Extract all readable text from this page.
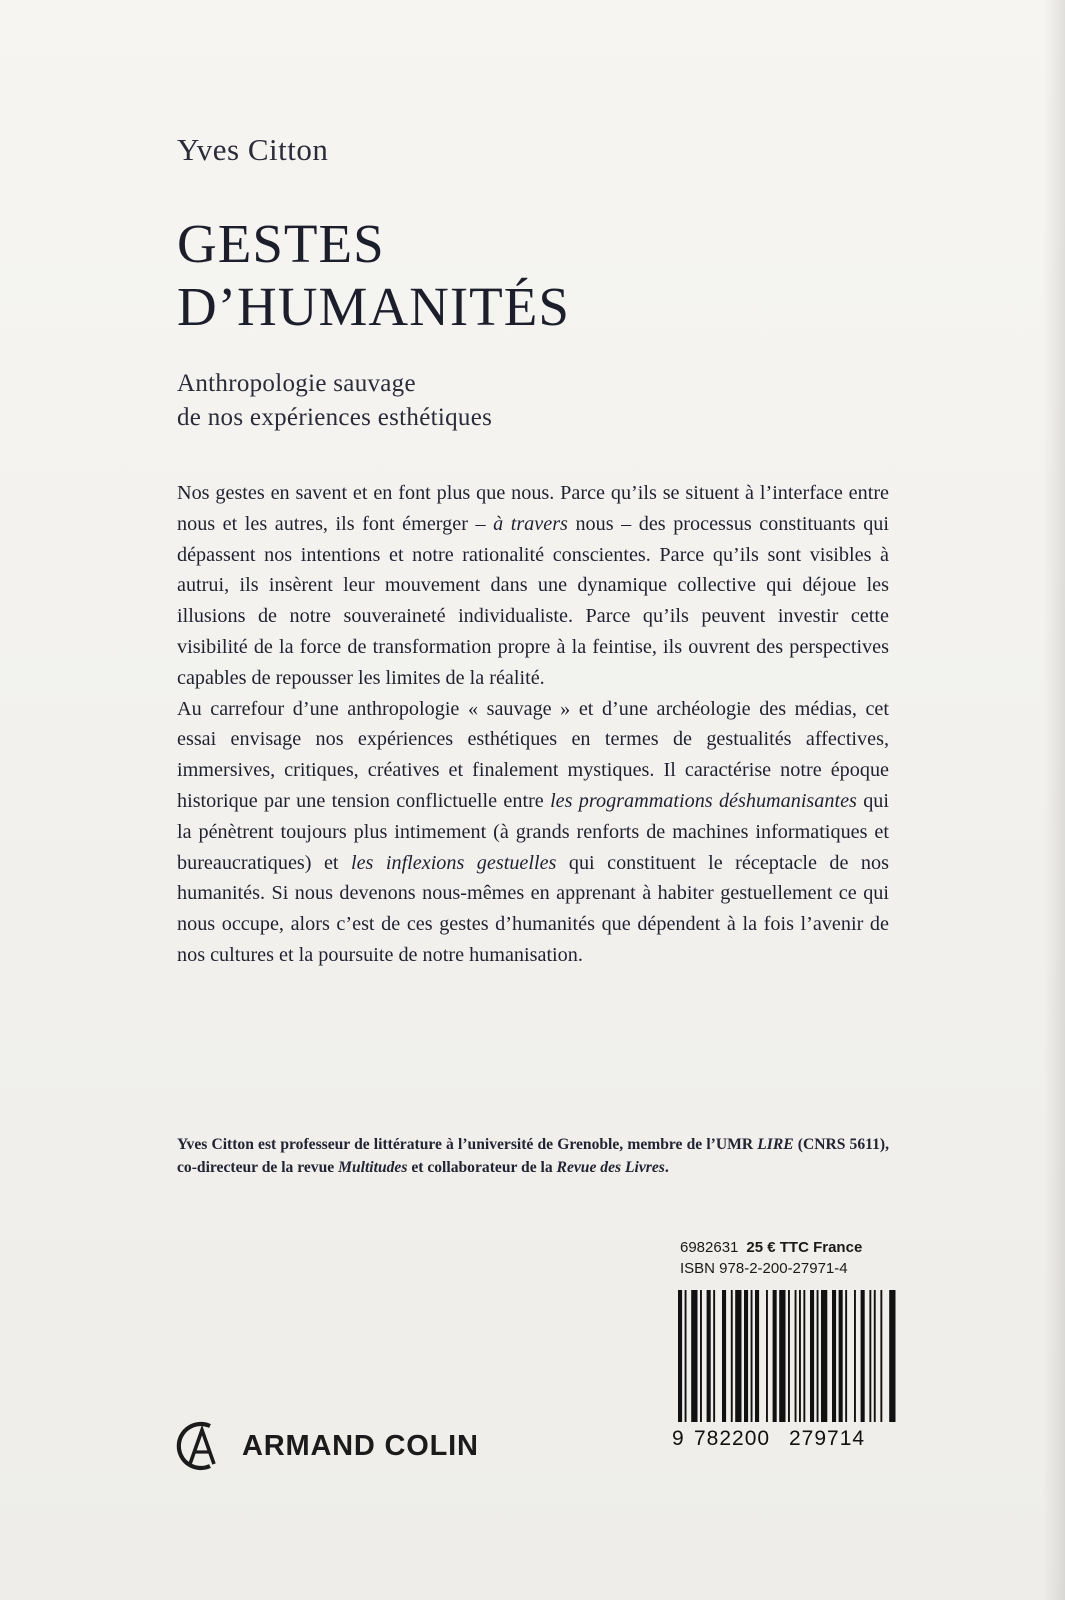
Yves Citton
GESTES
D’HUMANITÉS
Anthropologie sauvage
de nos expériences esthétiques

Nos gestes en savent et en font plus que nous. Parce qu’ils se situent à l’interface entre nous et les autres, ils font émerger – à travers nous – des processus constituants qui dépassent nos intentions et notre rationalité conscientes. Parce qu’ils sont visibles à autrui, ils insèrent leur mouvement dans une dynamique collective qui déjoue les illusions de notre souveraineté individualiste. Parce qu’ils peuvent investir cette visibilité de la force de transformation propre à la feintise, ils ouvrent des perspectives capables de repousser les limites de la réalité.

Au carrefour d’une anthropologie « sauvage » et d’une archéologie des médias, cet essai envisage nos expériences esthétiques en termes de gestualités affectives, immersives, critiques, créatives et finalement mystiques. Il caractérise notre époque historique par une tension conflictuelle entre les programmations déshumanisantes qui la pénètrent toujours plus intimement (à grands renforts de machines informatiques et bureaucratiques) et les inflexions gestuelles qui constituent le réceptacle de nos humanités. Si nous devenons nous-mêmes en apprenant à habiter gestuellement ce qui nous occupe, alors c’est de ces gestes d’humanités que dépendent à la fois l’avenir de nos cultures et la poursuite de notre humanisation.

Yves Citton est professeur de littérature à l’université de Grenoble, membre de l’UMR LIRE (CNRS 5611), co-directeur de la revue Multitudes et collaborateur de la Revue des Livres.
6982631 25 € TTC France
ISBN 978-2-200-27971-4
9 782200 279714
ARMAND COLIN
